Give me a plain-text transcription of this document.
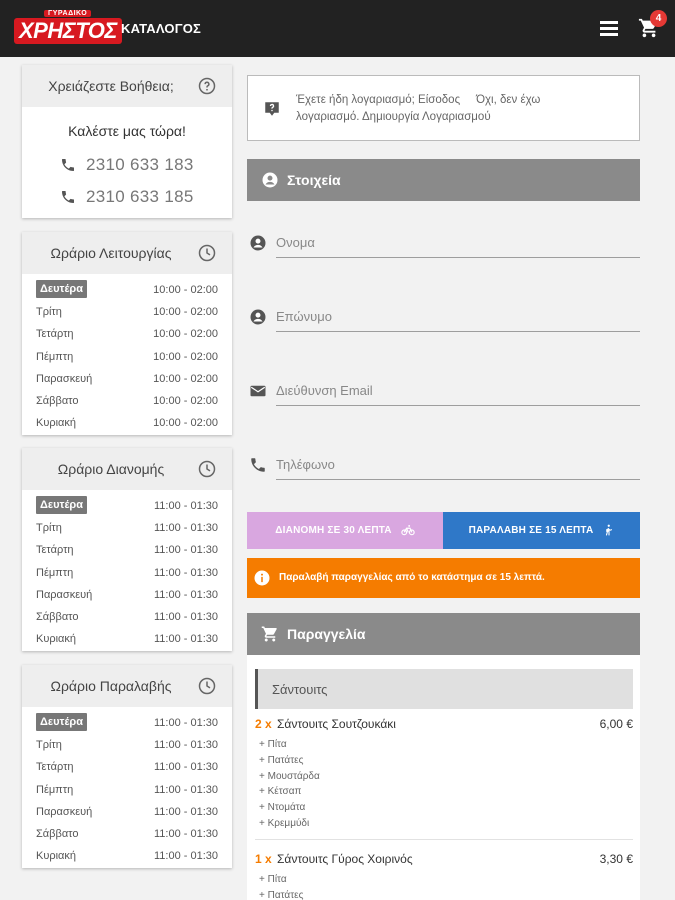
ΓΥΡΑΔΙΚΟ
ΧΡΗΣΤΟΣ ΚΑΤΑΛΟΓΟΣ
4
Χρειάζεστε Βοήθεια;
Καλέστε μας τώρα!
2310 633 183
2310 633 185
Ωράριο Λειτουργίας
Δευτέρα	10:00 - 02:00
Τρίτη	10:00 - 02:00
Τετάρτη	10:00 - 02:00
Πέμπτη	10:00 - 02:00
Παρασκευή	10:00 - 02:00
Σάββατο	10:00 - 02:00
Κυριακή	10:00 - 02:00
Ωράριο Διανομής
Δευτέρα	11:00 - 01:30
Τρίτη	11:00 - 01:30
Τετάρτη	11:00 - 01:30
Πέμπτη	11:00 - 01:30
Παρασκευή	11:00 - 01:30
Σάββατο	11:00 - 01:30
Κυριακή	11:00 - 01:30
Ωράριο Παραλαβής
Δευτέρα	11:00 - 01:30
Τρίτη	11:00 - 01:30
Τετάρτη	11:00 - 01:30
Πέμπτη	11:00 - 01:30
Παρασκευή	11:00 - 01:30
Σάββατο	11:00 - 01:30
Κυριακή	11:00 - 01:30
Έχετε ήδη λογαριασμό; Είσοδος Όχι, δεν έχω λογαριασμό. Δημιουργία Λογαριασμού
Στοιχεία
Ονομα
Επώνυμο
Διεύθυνση Email
Τηλέφωνο
ΔΙΑΝΟΜΗ ΣΕ 30 ΛΕΠΤΑ	ΠΑΡΑΛΑΒΗ ΣΕ 15 ΛΕΠΤΑ
Παραλαβή παραγγελίας από το κατάστημα σε 15 λεπτά.
Παραγγελία
Σάντουιτς
2 x Σάντουιτς Σουτζουκάκι	6,00 €
+ Πίτα
+ Πατάτες
+ Μουστάρδα
+ Κέτσαπ
+ Ντομάτα
+ Κρεμμύδι
1 x Σάντουιτς Γύρος Χοιρινός	3,30 €
+ Πίτα
+ Πατάτες
